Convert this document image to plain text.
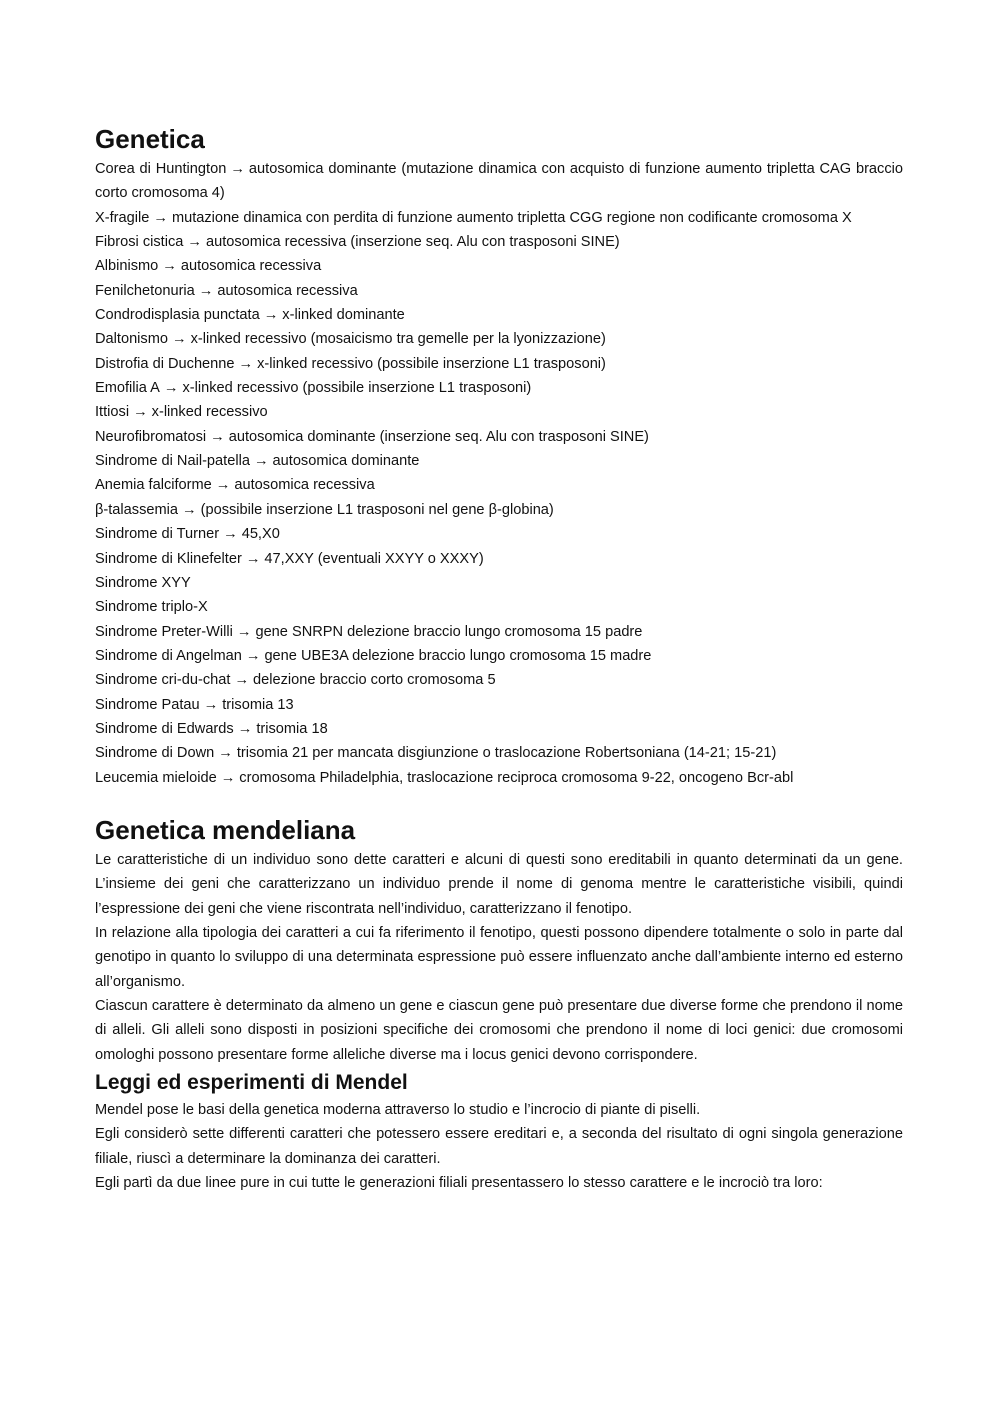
Genetica

Corea di Huntington → autosomica dominante (mutazione dinamica con acquisto di funzione aumento tripletta CAG braccio corto cromosoma 4)

X-fragile → mutazione dinamica con perdita di funzione aumento tripletta CGG regione non codificante cromosoma X

Fibrosi cistica → autosomica recessiva (inserzione seq. Alu con trasposoni SINE)

Albinismo → autosomica recessiva

Fenilchetonuria → autosomica recessiva

Condrodisplasia punctata → x-linked dominante

Daltonismo → x-linked recessivo (mosaicismo tra gemelle per la lyonizzazione)

Distrofia di Duchenne → x-linked recessivo (possibile inserzione L1 trasposoni)

Emofilia A → x-linked recessivo (possibile inserzione L1 trasposoni)

Ittiosi → x-linked recessivo

Neurofibromatosi → autosomica dominante (inserzione seq. Alu con trasposoni SINE)

Sindrome di Nail-patella → autosomica dominante

Anemia falciforme → autosomica recessiva

β-talassemia → (possibile inserzione L1 trasposoni nel gene β-globina)

Sindrome di Turner → 45,X0

Sindrome di Klinefelter → 47,XXY (eventuali XXYY o XXXY)

Sindrome XYY

Sindrome triplo-X

Sindrome Preter-Willi → gene SNRPN delezione braccio lungo cromosoma 15 padre

Sindrome di Angelman → gene UBE3A delezione braccio lungo cromosoma 15 madre

Sindrome cri-du-chat → delezione braccio corto cromosoma 5

Sindrome Patau → trisomia 13

Sindrome di Edwards → trisomia 18

Sindrome di Down → trisomia 21 per mancata disgiunzione o traslocazione Robertsoniana (14-21; 15-21)

Leucemia mieloide → cromosoma Philadelphia, traslocazione reciproca cromosoma 9-22, oncogeno Bcr-abl

Genetica mendeliana

Le caratteristiche di un individuo sono dette caratteri e alcuni di questi sono ereditabili in quanto determinati da un gene. L’insieme dei geni che caratterizzano un individuo prende il nome di genoma mentre le caratteristiche visibili, quindi l’espressione dei geni che viene riscontrata nell’individuo, caratterizzano il fenotipo.

In relazione alla tipologia dei caratteri a cui fa riferimento il fenotipo, questi possono dipendere totalmente o solo in parte dal genotipo in quanto lo sviluppo di una determinata espressione può essere influenzato anche dall’ambiente interno ed esterno all’organismo.

Ciascun carattere è determinato da almeno un gene e ciascun gene può presentare due diverse forme che prendono il nome di alleli. Gli alleli sono disposti in posizioni specifiche dei cromosomi che prendono il nome di loci genici: due cromosomi omologhi possono presentare forme alleliche diverse ma i locus genici devono corrispondere.

Leggi ed esperimenti di Mendel

Mendel pose le basi della genetica moderna attraverso lo studio e l’incrocio di piante di piselli.

Egli considerò sette differenti caratteri che potessero essere ereditari e, a seconda del risultato di ogni singola generazione filiale, riuscì a determinare la dominanza dei caratteri.

Egli partì da due linee pure in cui tutte le generazioni filiali presentassero lo stesso carattere e le incrociò tra loro:
